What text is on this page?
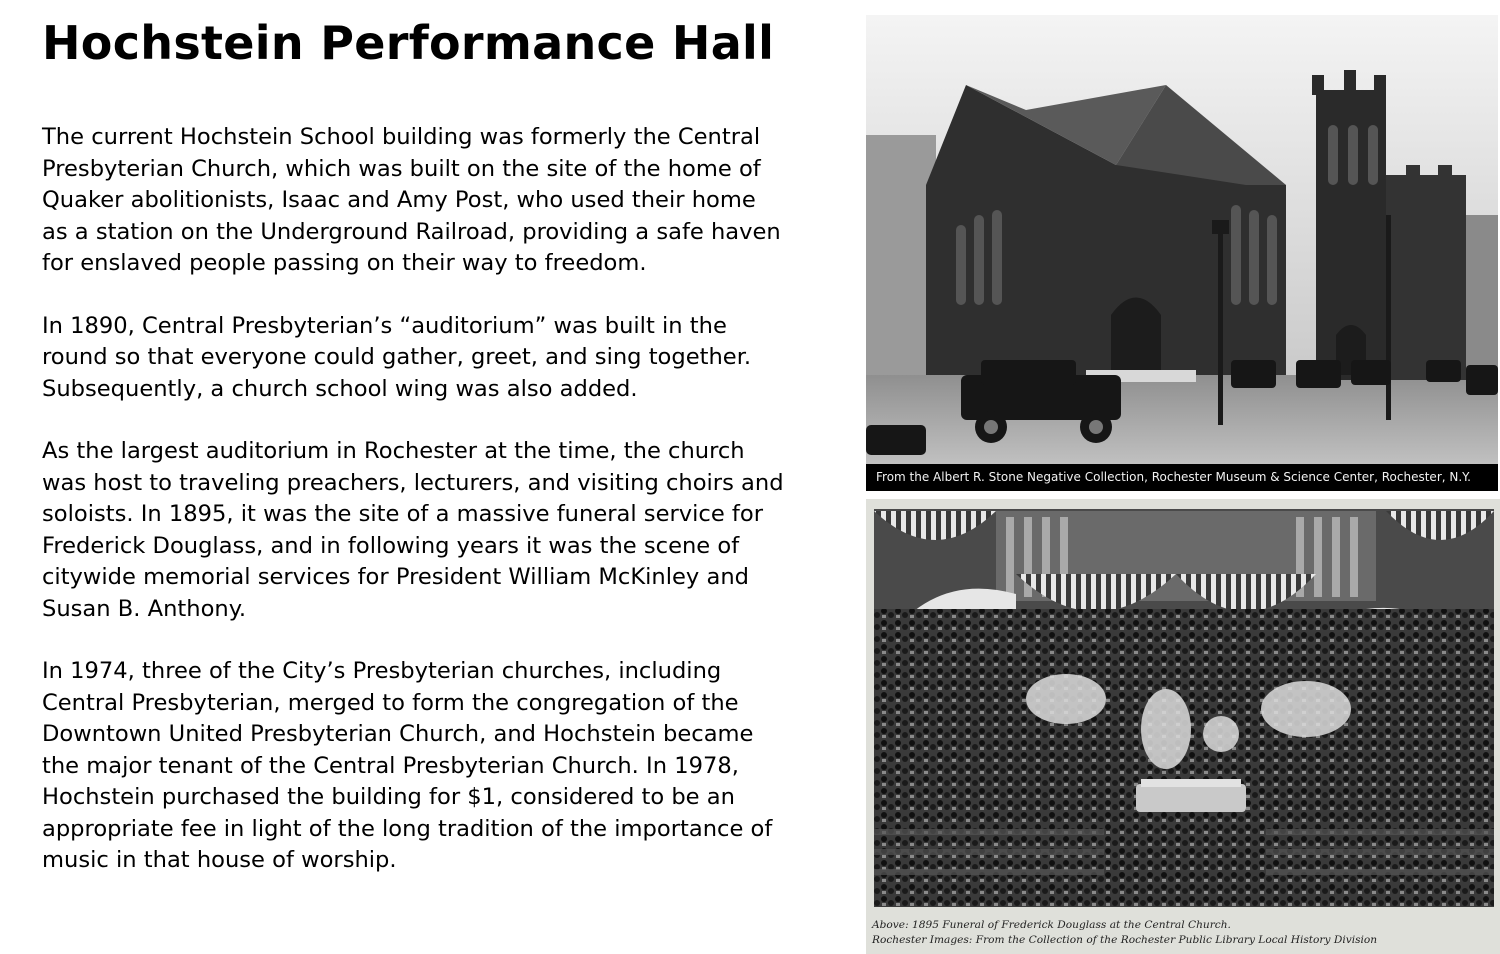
Hochstein Performance Hall

The current Hochstein School building was formerly the Central
Presbyterian Church, which was built on the site of the home of
Quaker abolitionists, Isaac and Amy Post, who used their home
as a station on the Underground Railroad, providing a safe haven
for enslaved people passing on their way to freedom.

In 1890, Central Presbyterian’s “auditorium” was built in the
round so that everyone could gather, greet, and sing together.
Subsequently, a church school wing was also added.

As the largest auditorium in Rochester at the time, the church
was host to traveling preachers, lecturers, and visiting choirs and
soloists. In 1895, it was the site of a massive funeral service for
Frederick Douglass, and in following years it was the scene of
citywide memorial services for President William McKinley and
Susan B. Anthony.

In 1974, three of the City’s Presbyterian churches, including
Central Presbyterian, merged to form the congregation of the
Downtown United Presbyterian Church, and Hochstein became
the major tenant of the Central Presbyterian Church. In 1978,
Hochstein purchased the building for $1, considered to be an
appropriate fee in light of the long tradition of the importance of
music in that house of worship.

From the Albert R. Stone Negative Collection, Rochester Museum & Science Center, Rochester, N.Y.
Above: 1895 Funeral of Frederick Douglass at the Central Church.
Rochester Images: From the Collection of the Rochester Public Library Local History Division
